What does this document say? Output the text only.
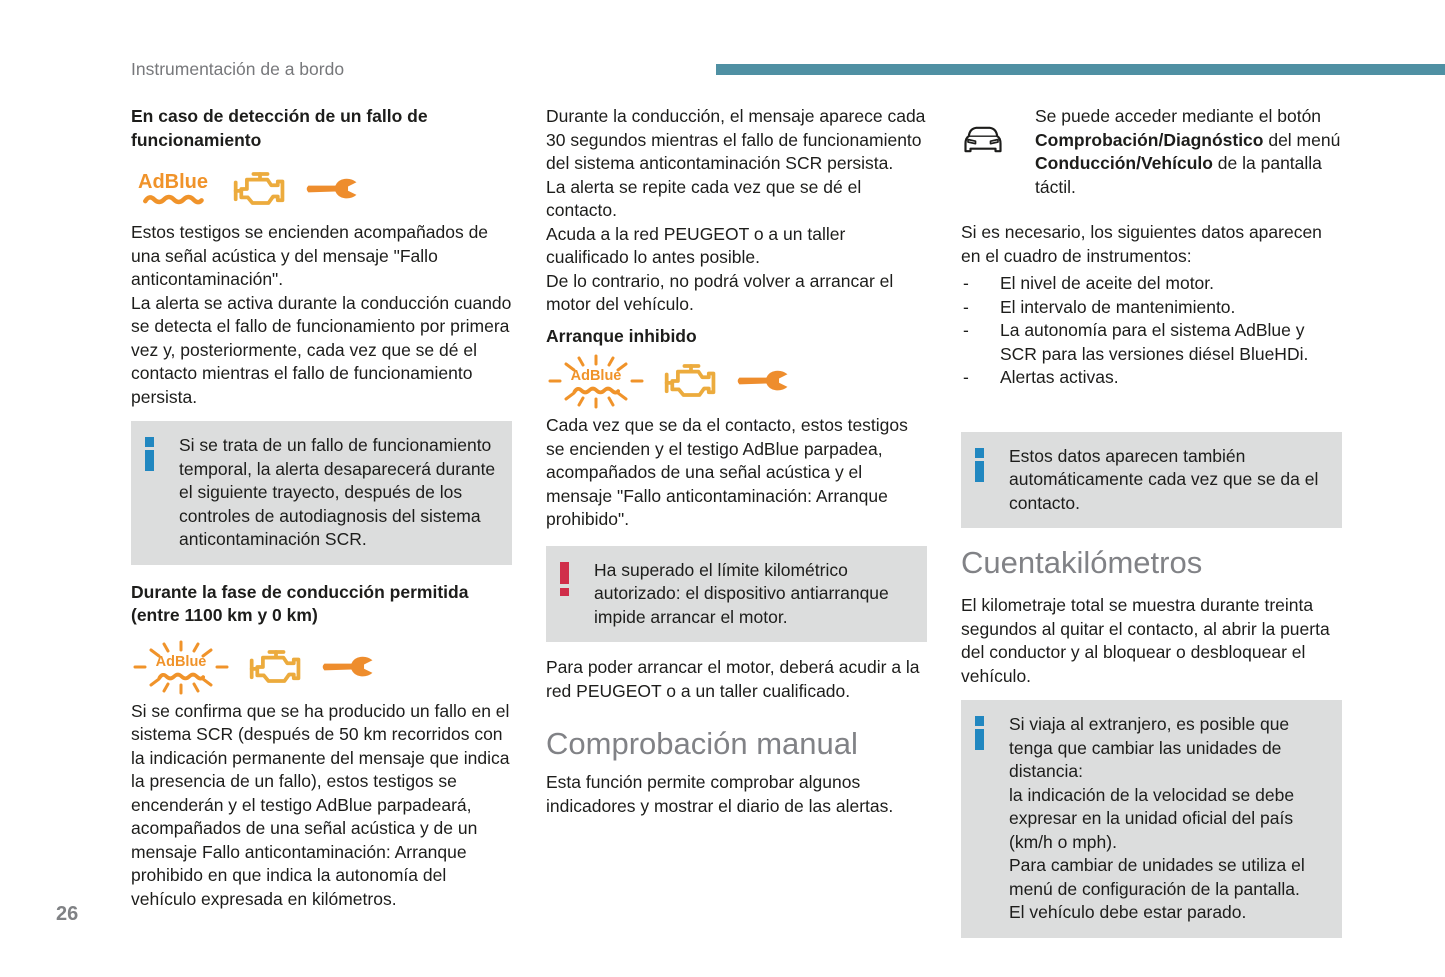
Instrumentación de a bordo
En caso de detección de un fallo de funcionamiento
AdBlue
Estos testigos se encienden acompañados de una señal acústica y del mensaje "Fallo anticontaminación".
La alerta se activa durante la conducción cuando se detecta el fallo de funcionamiento por primera vez y, posteriormente, cada vez que se dé el contacto mientras el fallo de funcionamiento persista.
Si se trata de un fallo de funcionamiento temporal, la alerta desaparecerá durante el siguiente trayecto, después de los controles de autodiagnosis del sistema anticontaminación SCR.
Durante la fase de conducción permitida (entre 1100 km y 0 km)
AdBlue
Si se confirma que se ha producido un fallo en el sistema SCR (después de 50 km recorridos con la indicación permanente del mensaje que indica la presencia de un fallo), estos testigos se encenderán y el testigo AdBlue parpadeará, acompañados de una señal acústica y de un mensaje Fallo anticontaminación: Arranque prohibido en que indica la autonomía del vehículo expresada en kilómetros.
Durante la conducción, el mensaje aparece cada 30 segundos mientras el fallo de funcionamiento del sistema anticontaminación SCR persista.
La alerta se repite cada vez que se dé el contacto.
Acuda a la red PEUGEOT o a un taller cualificado lo antes posible.
De lo contrario, no podrá volver a arrancar el motor del vehículo.
Arranque inhibido
AdBlue
Cada vez que se da el contacto, estos testigos se encienden y el testigo AdBlue parpadea, acompañados de una señal acústica y el mensaje "Fallo anticontaminación: Arranque prohibido".
Ha superado el límite kilométrico autorizado: el dispositivo antiarranque impide arrancar el motor.
Para poder arrancar el motor, deberá acudir a la red PEUGEOT o a un taller cualificado.
Comprobación manual
Esta función permite comprobar algunos indicadores y mostrar el diario de las alertas.
Se puede acceder mediante el botón Comprobación/Diagnóstico del menú Conducción/Vehículo de la pantalla táctil.
Si es necesario, los siguientes datos aparecen en el cuadro de instrumentos:
-	El nivel de aceite del motor.
-	El intervalo de mantenimiento.
-	La autonomía para el sistema AdBlue y SCR para las versiones diésel BlueHDi.
-	Alertas activas.
Estos datos aparecen también automáticamente cada vez que se da el contacto.
Cuentakilómetros
El kilometraje total se muestra durante treinta segundos al quitar el contacto, al abrir la puerta del conductor y al bloquear o desbloquear el vehículo.
Si viaja al extranjero, es posible que tenga que cambiar las unidades de distancia:
la indicación de la velocidad se debe expresar en la unidad oficial del país (km/h o mph).
Para cambiar de unidades se utiliza el menú de configuración de la pantalla.
El vehículo debe estar parado.
26
